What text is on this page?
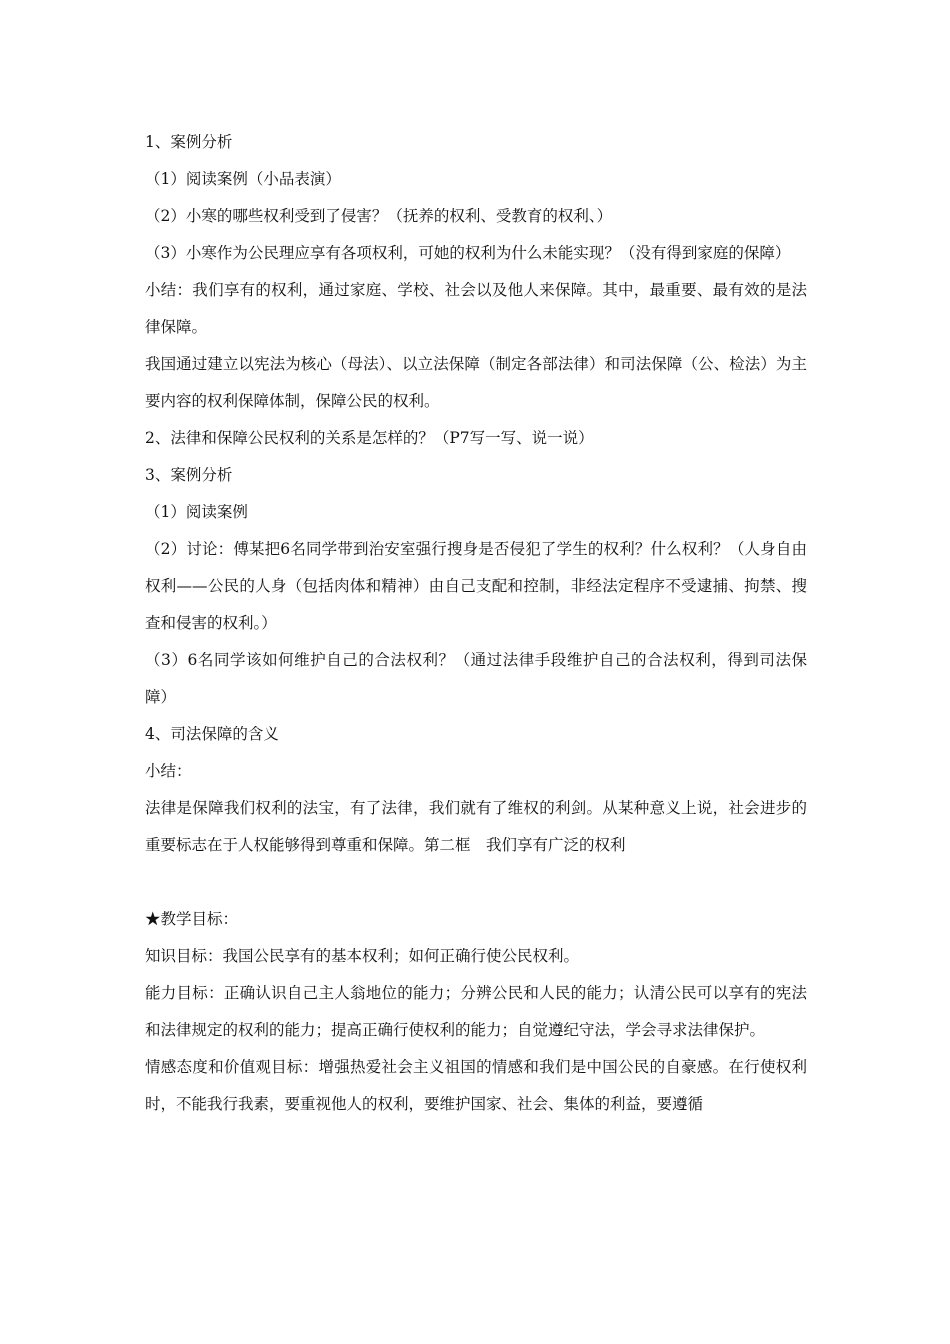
1、案例分析

（1）阅读案例（小品表演）

（2）小寒的哪些权利受到了侵害？（抚养的权利、受教育的权利、）

（3）小寒作为公民理应享有各项权利，可她的权利为什么未能实现？（没有得到家庭的保障）

小结：我们享有的权利，通过家庭、学校、社会以及他人来保障。其中，最重要、最有效的是法律保障。

我国通过建立以宪法为核心（母法）、以立法保障（制定各部法律）和司法保障（公、检法）为主要内容的权利保障体制，保障公民的权利。

2、法律和保障公民权利的关系是怎样的？（P7写一写、说一说）

3、案例分析

（1）阅读案例

（2）讨论：傅某把6名同学带到治安室强行搜身是否侵犯了学生的权利？什么权利？（人身自由权利——公民的人身（包括肉体和精神）由自己支配和控制，非经法定程序不受逮捕、拘禁、搜查和侵害的权利。）

（3）6名同学该如何维护自己的合法权利？（通过法律手段维护自己的合法权利，得到司法保障）

4、司法保障的含义

小结：

法律是保障我们权利的法宝，有了法律，我们就有了维权的利剑。从某种意义上说，社会进步的重要标志在于人权能够得到尊重和保障。第二框　我们享有广泛的权利

★教学目标：

知识目标：我国公民享有的基本权利；如何正确行使公民权利。

能力目标：正确认识自己主人翁地位的能力；分辨公民和人民的能力；认清公民可以享有的宪法和法律规定的权利的能力；提高正确行使权利的能力；自觉遵纪守法，学会寻求法律保护。

情感态度和价值观目标：增强热爱社会主义祖国的情感和我们是中国公民的自豪感。在行使权利时，不能我行我素，要重视他人的权利，要维护国家、社会、集体的利益，要遵循
